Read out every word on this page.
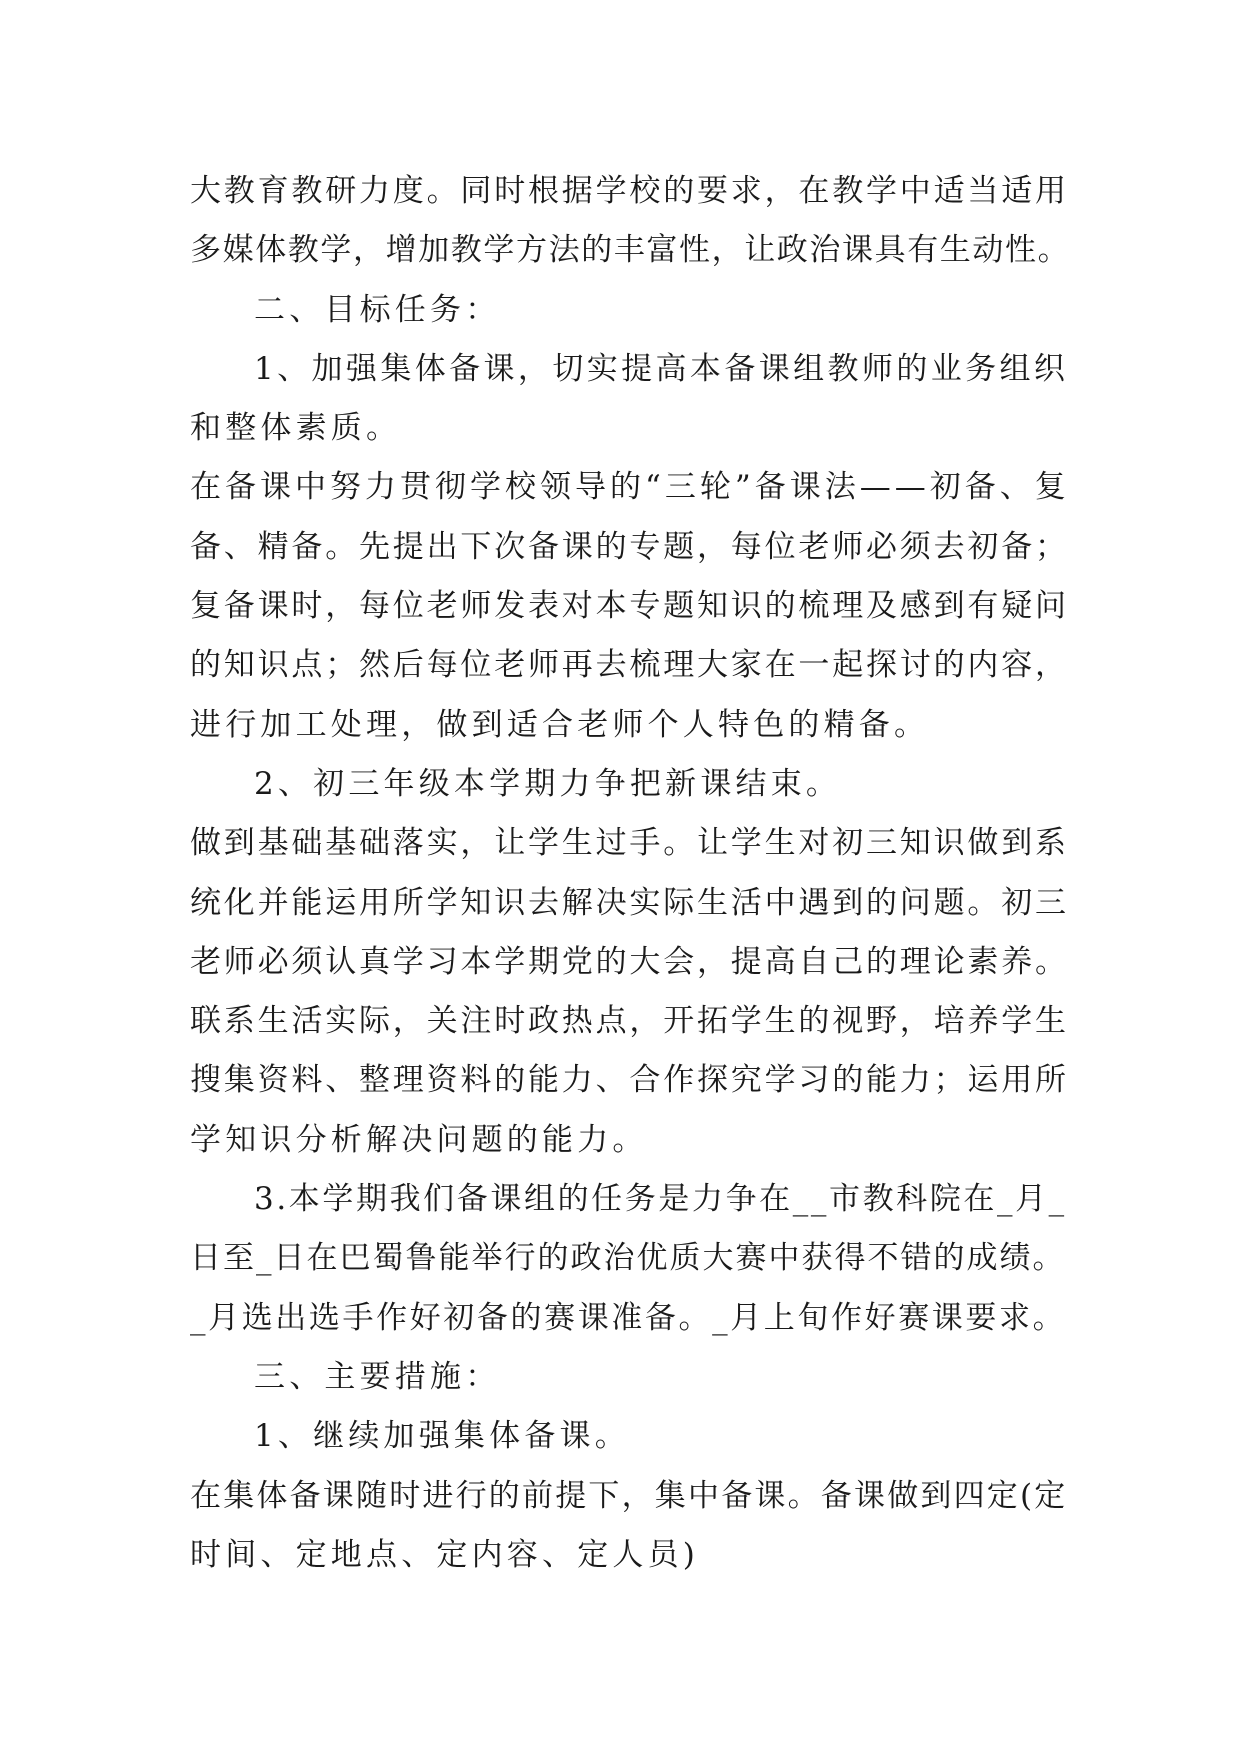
大教育教研力度。同时根据学校的要求，在教学中适当适用
多媒体教学，增加教学方法的丰富性，让政治课具有生动性。
二、目标任务：
1、加强集体备课，切实提高本备课组教师的业务组织
和整体素质。
在备课中努力贯彻学校领导的“三轮”备课法——初备、复
备、精备。先提出下次备课的专题，每位老师必须去初备；
复备课时，每位老师发表对本专题知识的梳理及感到有疑问
的知识点；然后每位老师再去梳理大家在一起探讨的内容，
进行加工处理，做到适合老师个人特色的精备。
2、初三年级本学期力争把新课结束。
做到基础基础落实，让学生过手。让学生对初三知识做到系
统化并能运用所学知识去解决实际生活中遇到的问题。初三
老师必须认真学习本学期党的大会，提高自己的理论素养。
联系生活实际，关注时政热点，开拓学生的视野，培养学生
搜集资料、整理资料的能力、合作探究学习的能力；运用所
学知识分析解决问题的能力。
3.本学期我们备课组的任务是力争在__市教科院在_月_
日至_日在巴蜀鲁能举行的政治优质大赛中获得不错的成绩。
_月选出选手作好初备的赛课准备。_月上旬作好赛课要求。
三、主要措施：
1、继续加强集体备课。
在集体备课随时进行的前提下，集中备课。备课做到四定(定
时间、定地点、定内容、定人员)
